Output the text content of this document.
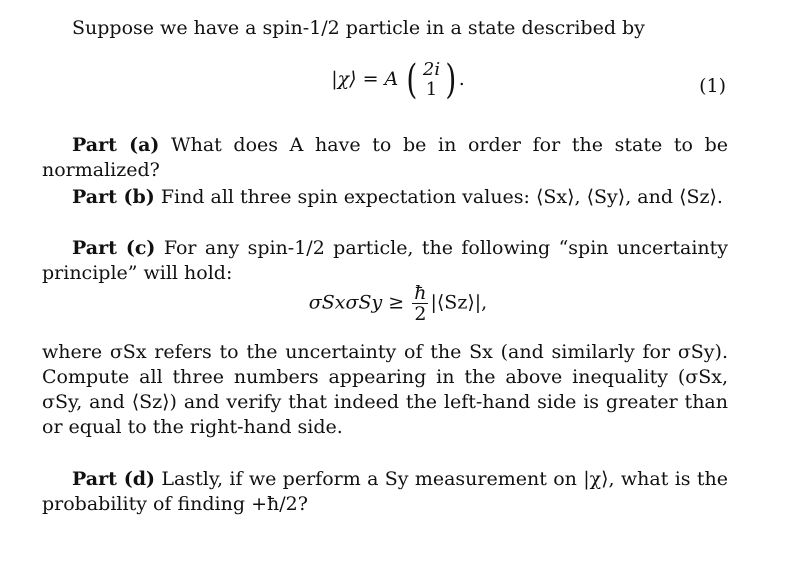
Suppose we have a spin-1/2 particle in a state described by
|χ⟩ = A ( 2i
1 ) .	(1)
Part (a) What does A have to be in order for the state to be normalized?
Part (b) Find all three spin expectation values: ⟨Sx⟩, ⟨Sy⟩, and ⟨Sz⟩.
Part (c) For any spin-1/2 particle, the following “spin uncertainty principle” will hold:
$\sigma Sx\sigma Sy \ge \frac{ħ}{2}$ |⟨Sz⟩|,
where σSx refers to the uncertainty of the Sx (and similarly for σSy). Compute all three numbers appearing in the above inequality (σSx, σSy, and ⟨Sz⟩) and verify that indeed the left-hand side is greater than or equal to the right-hand side.
Part (d) Lastly, if we perform a Sy measurement on |χ⟩, what is the probability of finding +ħ/2?
